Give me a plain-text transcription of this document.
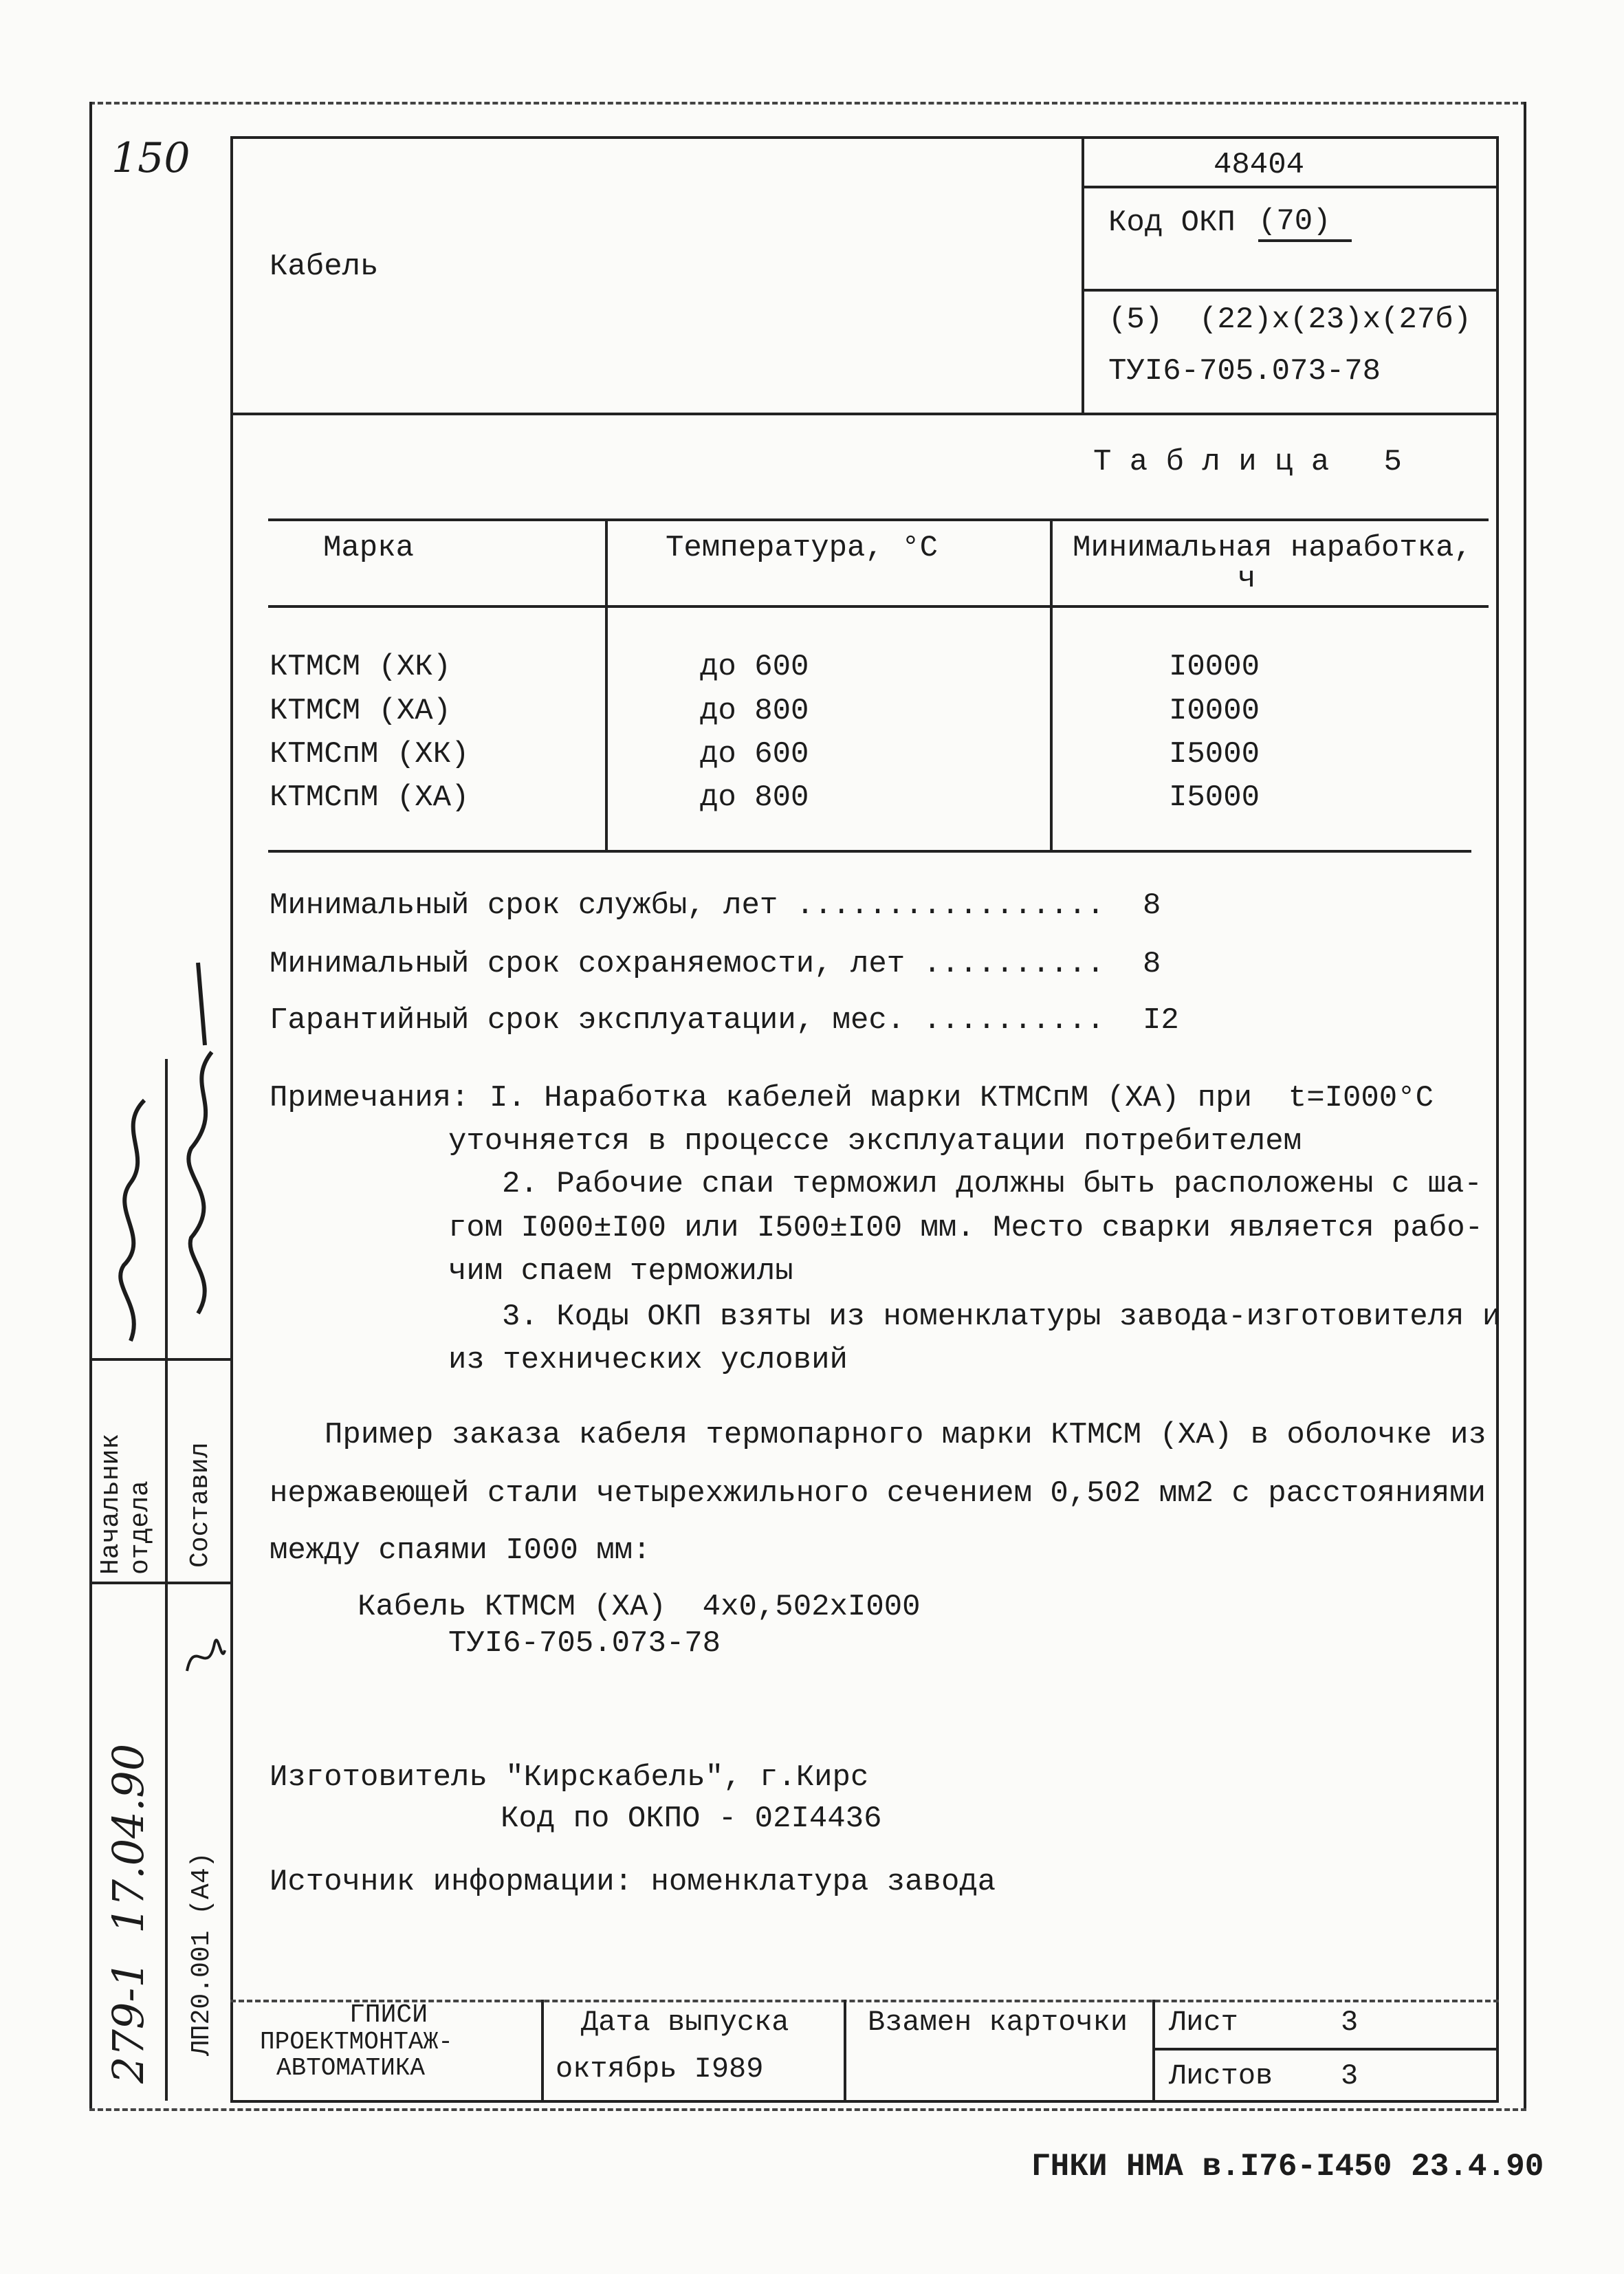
150
Кабель
48404
Код ОКП (70)
(5)  (22)x(23)x(27б)
ТУI6-705.073-78
Т а б л и ц а   5
Марка	Температура, °С	Минимальная наработка,
ч
КТМСМ (ХК)	до 600	I0000
КТМСМ (ХА)	до 800	I0000
КТМСпМ (ХК)	до 600	I5000
КТМСпМ (ХА)	до 800	I5000
Минимальный срок службы, лет ................. 8
Минимальный срок сохраняемости, лет .......... 8
Гарантийный срок эксплуатации, мес. .......... I2
Примечания: I. Наработка кабелей марки КТМСпМ (ХА) при  t=I000°С
уточняется в процессе эксплуатации потребителем
2. Рабочие спаи терможил должны быть расположены с ша-
гом I000±I00 или I500±I00 мм. Место сварки является рабо-
чим спаем терможилы
3. Коды ОКП взяты из номенклатуры завода-изготовителя и
из технических условий
Пример заказа кабеля термопарного марки КТМСМ (ХА) в оболочке из
нержавеющей стали четырехжильного сечением 0,502 мм2 с расстояниями
между спаями I000 мм:
Кабель КТМСМ (ХА)  4х0,502хI000
ТУI6-705.073-78
Изготовитель "Кирскабель", г.Кирс
Код по ОКПО - 02I4436
Источник информации: номенклатура завода
ГПИСИ
ПРОЕКТМОНТАЖ-
АВТОМАТИКА
Дата выпуска
октябрь I989
Взамен карточки Лист	3
Листов 3
Начальник
отдела Составил
279-1  17.04.90 ЛП20.001 (А4)
ГНКИ НМА в.I76-I450 23.4.90
